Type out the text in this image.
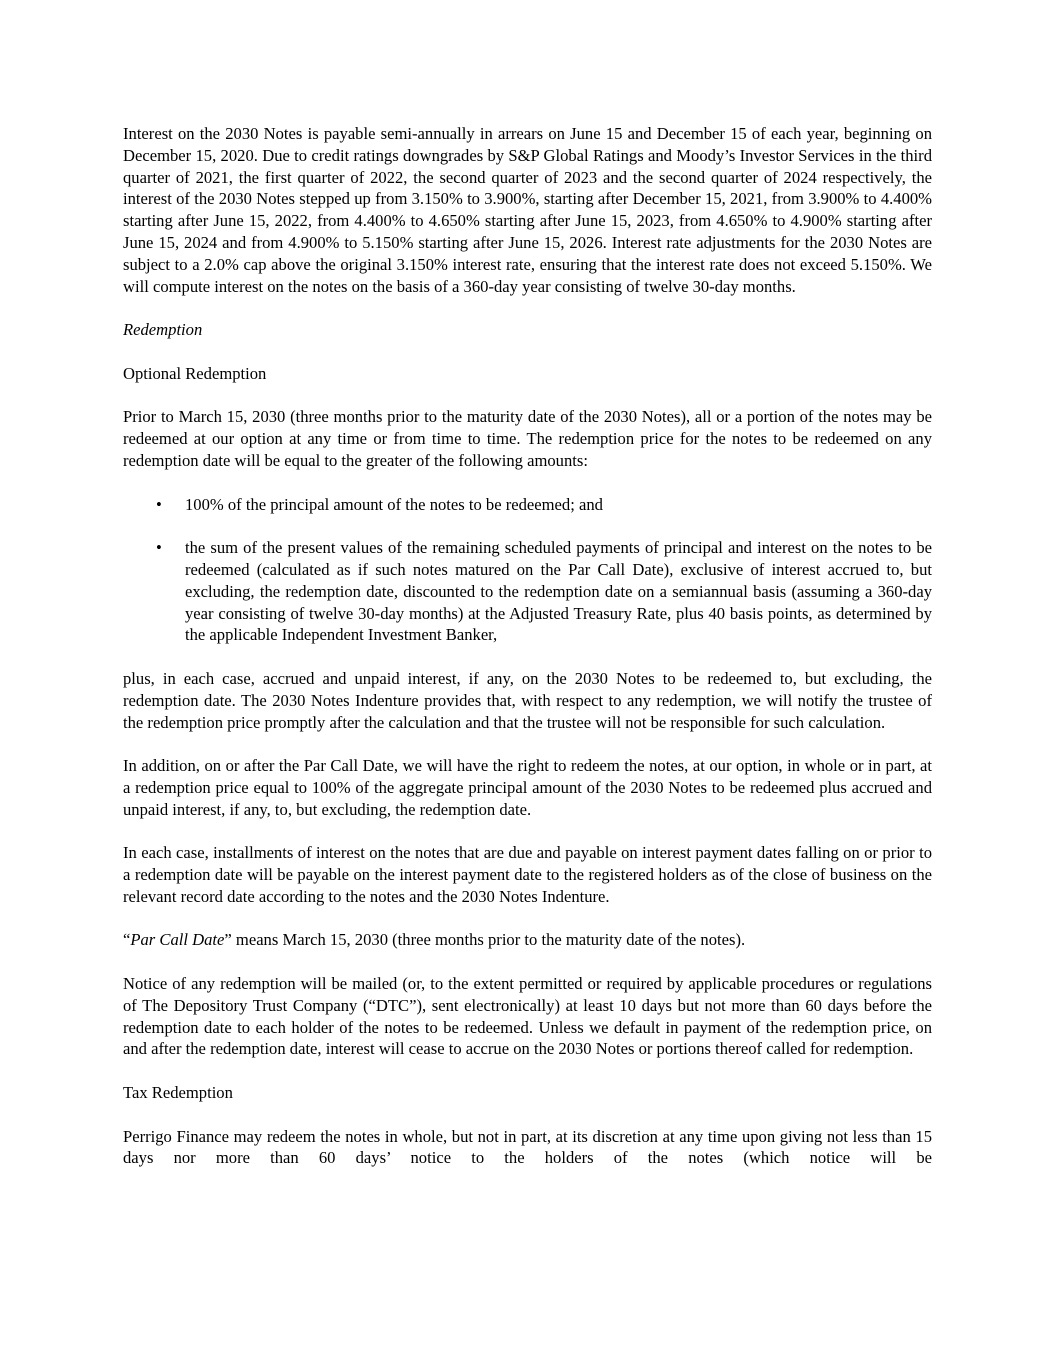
Interest on the 2030 Notes is payable semi-annually in arrears on June 15 and December 15 of each year, beginning on December 15, 2020. Due to credit ratings downgrades by S&P Global Ratings and Moody’s Investor Services in the third quarter of 2021, the first quarter of 2022, the second quarter of 2023 and the second quarter of 2024 respectively, the interest of the 2030 Notes stepped up from 3.150% to 3.900%, starting after December 15, 2021, from 3.900% to 4.400% starting after June 15, 2022, from 4.400% to 4.650% starting after June 15, 2023, from 4.650% to 4.900% starting after June 15, 2024 and from 4.900% to 5.150% starting after June 15, 2026. Interest rate adjustments for the 2030 Notes are subject to a 2.0% cap above the original 3.150% interest rate, ensuring that the interest rate does not exceed 5.150%. We will compute interest on the notes on the basis of a 360-day year consisting of twelve 30-day months.

Redemption

Optional Redemption

Prior to March 15, 2030 (three months prior to the maturity date of the 2030 Notes), all or a portion of the notes may be redeemed at our option at any time or from time to time. The redemption price for the notes to be redeemed on any redemption date will be equal to the greater of the following amounts:

• 100% of the principal amount of the notes to be redeemed; and
• the sum of the present values of the remaining scheduled payments of principal and interest on the notes to be redeemed (calculated as if such notes matured on the Par Call Date), exclusive of interest accrued to, but excluding, the redemption date, discounted to the redemption date on a semiannual basis (assuming a 360-day year consisting of twelve 30-day months) at the Adjusted Treasury Rate, plus 40 basis points, as determined by the applicable Independent Investment Banker,

plus, in each case, accrued and unpaid interest, if any, on the 2030 Notes to be redeemed to, but excluding, the redemption date. The 2030 Notes Indenture provides that, with respect to any redemption, we will notify the trustee of the redemption price promptly after the calculation and that the trustee will not be responsible for such calculation.

In addition, on or after the Par Call Date, we will have the right to redeem the notes, at our option, in whole or in part, at a redemption price equal to 100% of the aggregate principal amount of the 2030 Notes to be redeemed plus accrued and unpaid interest, if any, to, but excluding, the redemption date.

In each case, installments of interest on the notes that are due and payable on interest payment dates falling on or prior to a redemption date will be payable on the interest payment date to the registered holders as of the close of business on the relevant record date according to the notes and the 2030 Notes Indenture.

“Par Call Date” means March 15, 2030 (three months prior to the maturity date of the notes).

Notice of any redemption will be mailed (or, to the extent permitted or required by applicable procedures or regulations of The Depository Trust Company (“DTC”), sent electronically) at least 10 days but not more than 60 days before the redemption date to each holder of the notes to be redeemed. Unless we default in payment of the redemption price, on and after the redemption date, interest will cease to accrue on the 2030 Notes or portions thereof called for redemption.

Tax Redemption

Perrigo Finance may redeem the notes in whole, but not in part, at its discretion at any time upon giving not less than 15 days nor more than 60 days’ notice to the holders of the notes (which notice will be
